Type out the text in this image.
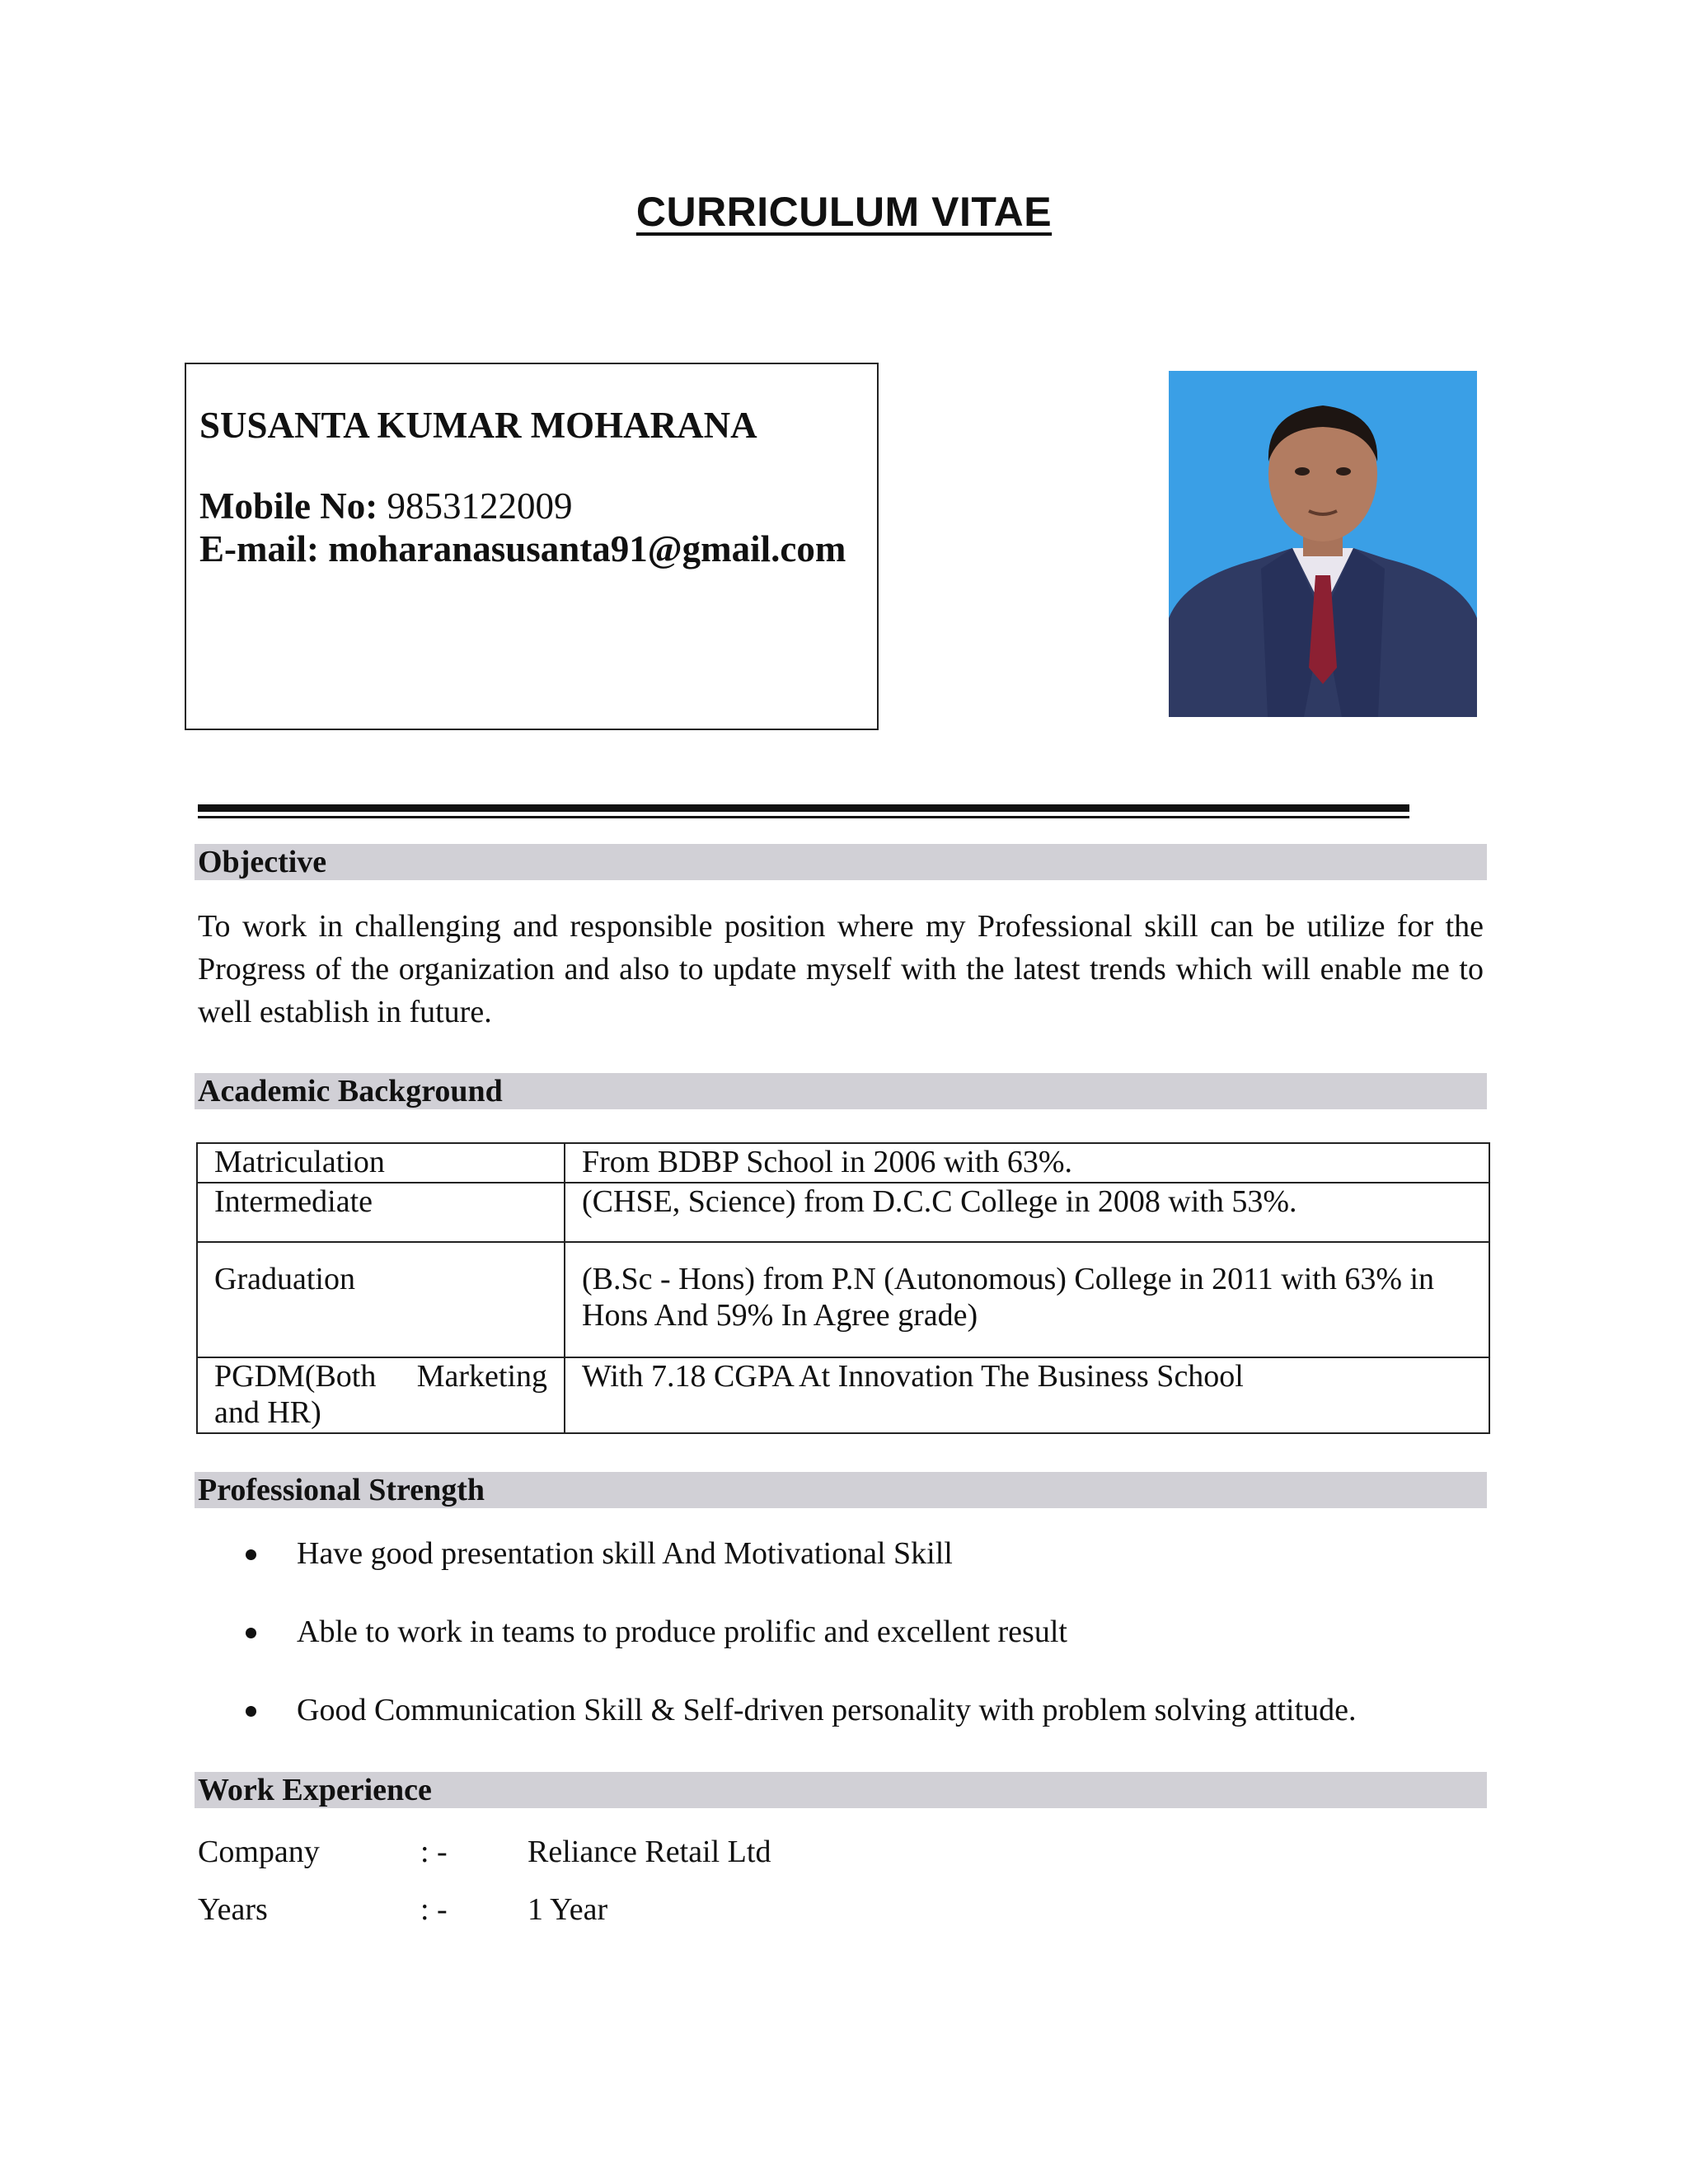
CURRICULUM VITAE
SUSANTA KUMAR MOHARANA
Mobile No: 9853122009
E-mail: moharanasusanta91@gmail.com
Objective
To work in challenging and responsible position where my Professional skill can be utilize for the Progress of the organization and also to update myself with the latest trends which will enable me to well establish in future.
Academic Background
Matriculation	From BDBP School in 2006 with 63%.

Intermediate	(CHSE, Science) from D.C.C College in 2008 with 53%.

Graduation	(B.Sc - Hons) from P.N (Autonomous) College in 2011 with 63% in Hons And 59% In Agree grade)

PGDM(Both Marketing and HR)	With 7.18 CGPA At Innovation The Business School
Professional Strength
Have good presentation skill And Motivational Skill
Able to work in teams to produce prolific and excellent result
Good Communication Skill & Self-driven personality with problem solving attitude.
Work Experience
Company	: -	Reliance Retail Ltd
Years	: -	1 Year
